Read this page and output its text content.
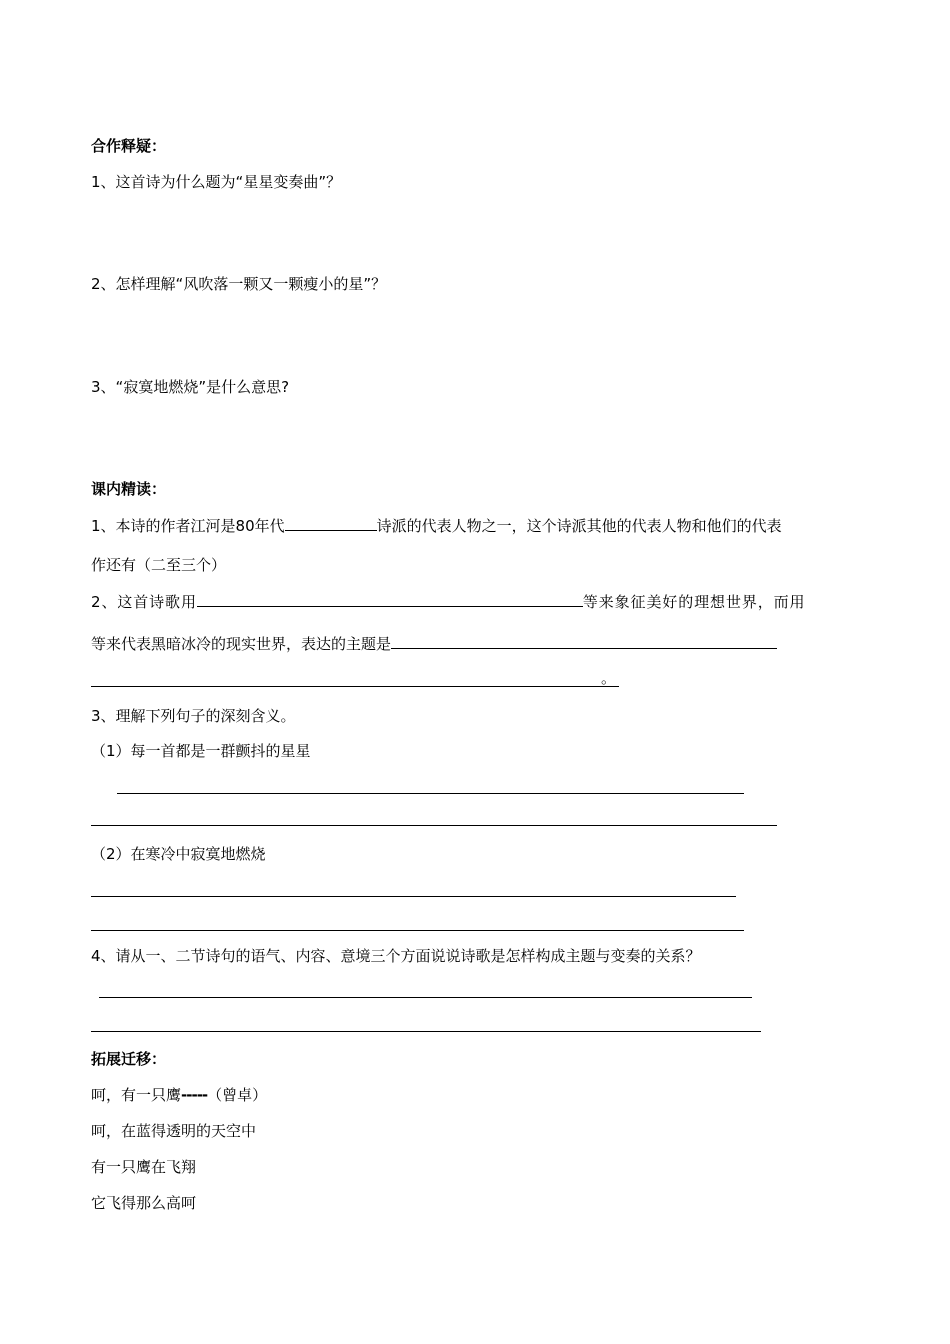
合作释疑：
1、这首诗为什么题为“星星变奏曲”？
2、怎样理解“风吹落一颗又一颗瘦小的星”？
3、“寂寞地燃烧”是什么意思?
课内精读：
1、本诗的作者江河是80年代	诗派的代表人物之一，这个诗派其他的代表人物和他们的代表
作还有（二至三个）
2、这首诗歌用	等来象征美好的理想世界，而用
等来代表黑暗冰冷的现实世界，表达的主题是
。
3、理解下列句子的深刻含义。
（1）每一首都是一群颤抖的星星
（2）在寒冷中寂寞地燃烧
4、请从一、二节诗句的语气、内容、意境三个方面说说诗歌是怎样构成主题与变奏的关系？
拓展迁移：
呵，有一只鹰-----（曾卓）
呵，在蓝得透明的天空中
有一只鹰在飞翔
它飞得那么高呵
